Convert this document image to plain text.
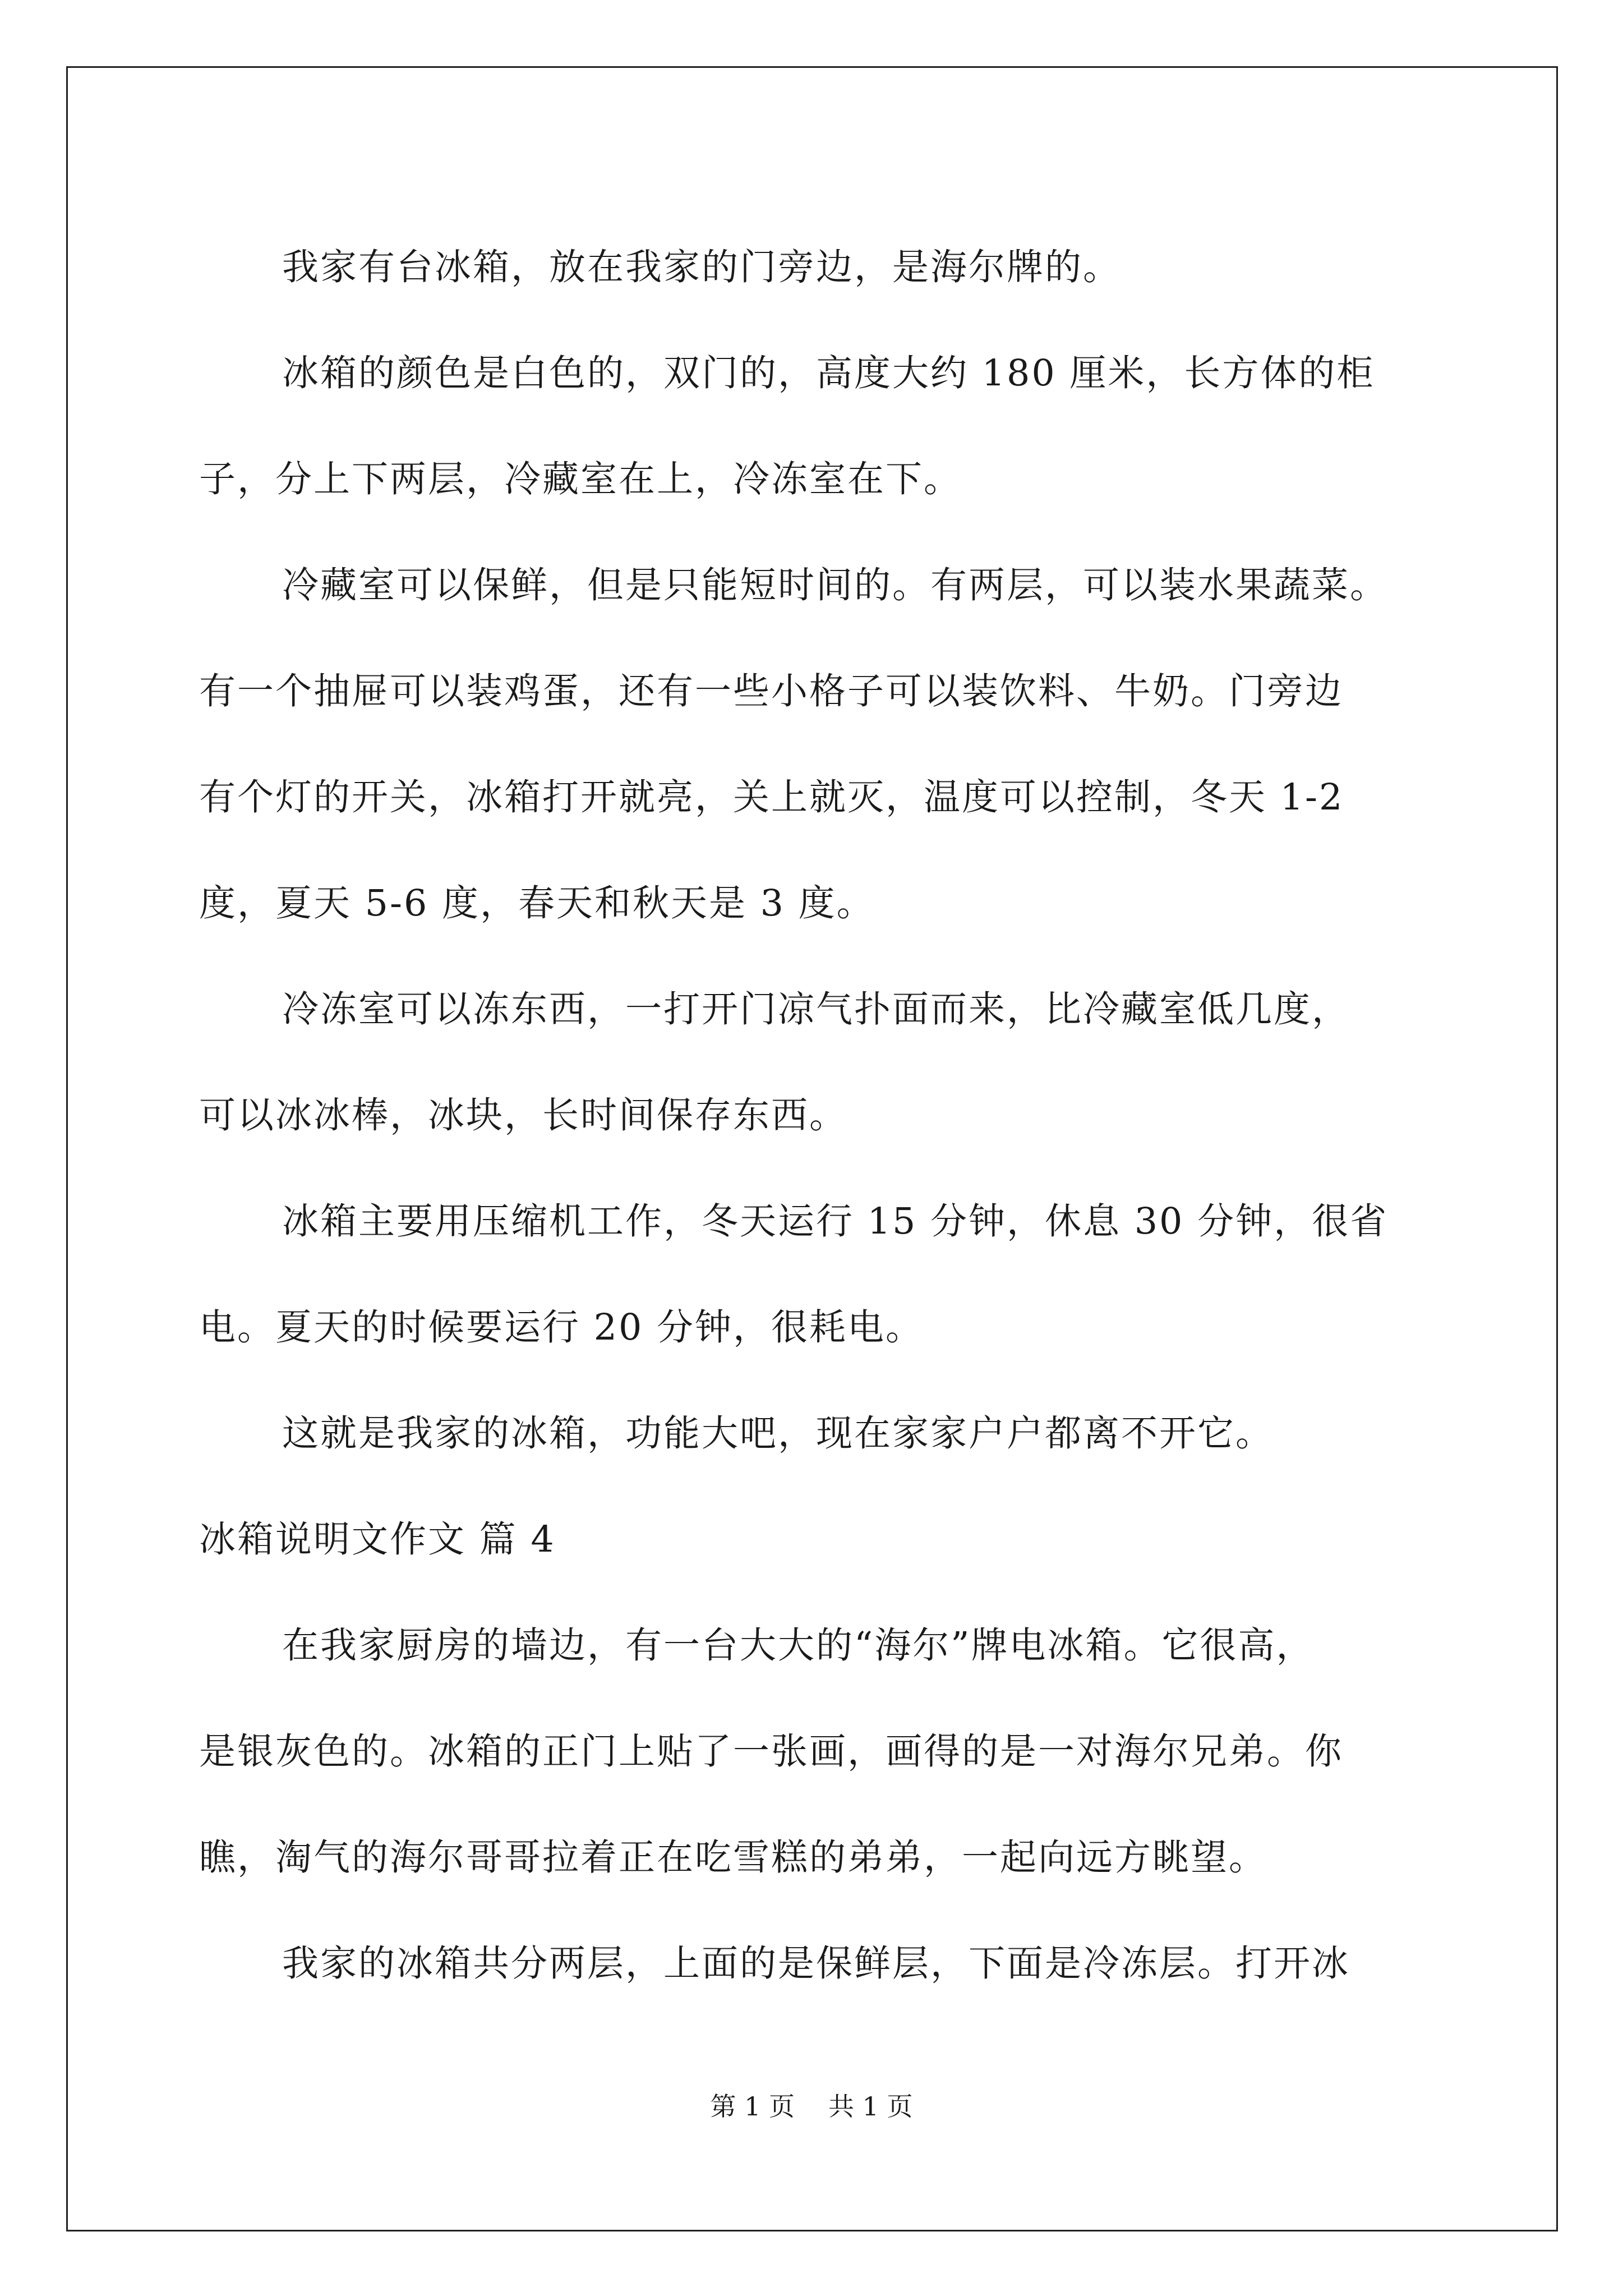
我家有台冰箱，放在我家的门旁边，是海尔牌的。
冰箱的颜色是白色的，双门的，高度大约 180 厘米，长方体的柜
子，分上下两层，冷藏室在上，冷冻室在下。
冷藏室可以保鲜，但是只能短时间的。有两层，可以装水果蔬菜。
有一个抽屉可以装鸡蛋，还有一些小格子可以装饮料、牛奶。门旁边
有个灯的开关，冰箱打开就亮，关上就灭，温度可以控制，冬天 1-2
度，夏天 5-6 度，春天和秋天是 3 度。
冷冻室可以冻东西，一打开门凉气扑面而来，比冷藏室低几度，
可以冰冰棒，冰块，长时间保存东西。
冰箱主要用压缩机工作，冬天运行 15 分钟，休息 30 分钟，很省
电。夏天的时候要运行 20 分钟，很耗电。
这就是我家的冰箱，功能大吧，现在家家户户都离不开它。
冰箱说明文作文 篇 4
在我家厨房的墙边，有一台大大的“海尔”牌电冰箱。它很高，
是银灰色的。冰箱的正门上贴了一张画，画得的是一对海尔兄弟。你
瞧，淘气的海尔哥哥拉着正在吃雪糕的弟弟，一起向远方眺望。
我家的冰箱共分两层，上面的是保鲜层，下面是冷冻层。打开冰
第 1 页 共 1 页
